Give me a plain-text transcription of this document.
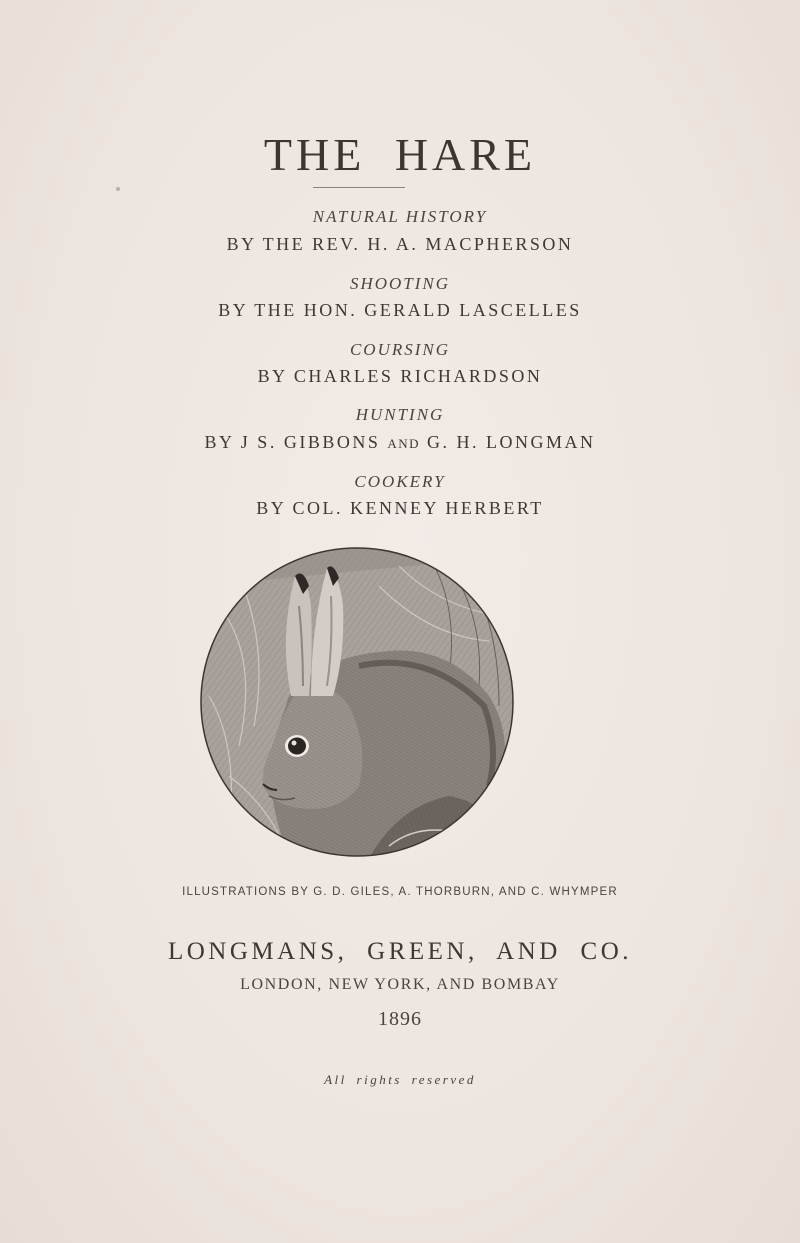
THE HARE
NATURAL HISTORY
BY THE REV. H. A. MACPHERSON
SHOOTING
BY THE HON. GERALD LASCELLES
COURSING
BY CHARLES RICHARDSON
HUNTING
BY J S. GIBBONS AND G. H. LONGMAN
COOKERY
BY COL. KENNEY HERBERT
ILLUSTRATIONS BY G. D. GILES, A. THORBURN, AND C. WHYMPER
LONGMANS, GREEN, AND CO.
LONDON, NEW YORK, AND BOMBAY
1896
All rights reserved
